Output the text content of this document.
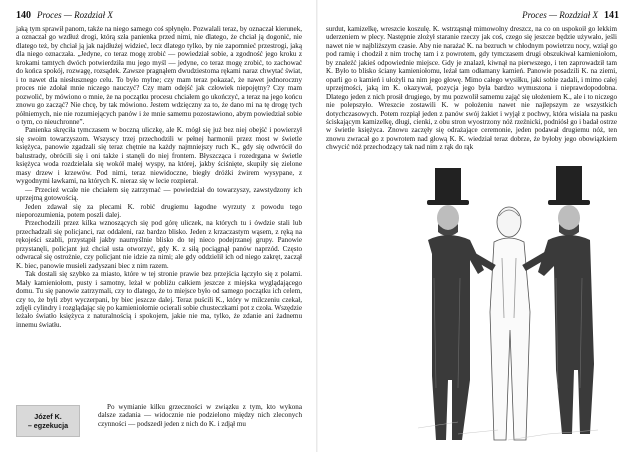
140 Proces — Rozdział X

jaką tym sprawił panom, także na niego samego coś spłynęło. Pozwalali teraz, by oznaczał kierunek, a oznaczał go wzdłuż drogi, którą szła panienka przed nimi, nie dlatego, że chciał ją dogonić, nie dlatego też, by chciał ją jak najdłużej widzieć, lecz dlatego tylko, by nie zapomnieć przestrogi, jaką dla niego oznaczała. „Jedyne, co teraz mogę zrobić — powiedział sobie, a zgodność jego kroku z krokami tamtych dwóch potwierdziła mu jego myśl — jedyne, co teraz mogę zrobić, to zachować do końca spokój, rozwagę, rozsądek. Zawsze pragnąłem dwudziestoma rękami naraz chwytać świat, i to nawet dla niesłusznego celu. To było mylne; czy mam teraz pokazać, że nawet jednoroczny proces nie zdołał mnie niczego nauczyć? Czy mam odejść jak człowiek niepojętny? Czy mam pozwolić, by mówiono o mnie, że na początku procesu chciałem go ukończyć, a teraz na jego końcu znowu go zacząć? Nie chcę, by tak mówiono. Jestem wdzięczny za to, że dano mi na tę drogę tych półniemych, nie nie rozumiejących panów i że mnie samemu pozostawiono, abym powiedział sobie o tym, co nieuchronne”.

Panienka skręciła tymczasem w boczną uliczkę, ale K. mógł się już bez niej obejść i powierzył się swoim towarzyszom. Wszyscy trzej przechodzili w pełnej harmonii przez most w świetle księżyca, panowie zgadzali się teraz chętnie na każdy najmniejszy ruch K., gdy się odwrócił do balustrady, obrócili się i oni także i stanęli do niej frontem. Błyszcząca i rozedrgana w świetle księżyca woda rozdzielała się wokół małej wyspy, na której, jakby ściśnięte, skupiły się zielone masy drzew i krzewów. Pod nimi, teraz niewidoczne, biegły dróżki żwirem wysypane, z wygodnymi ławkami, na których K. nieraz się w lecie rozpierał.

— Przecież wcale nie chciałem się zatrzymać — powiedział do towarzyszy, zawstydzony ich uprzejmą gotowością.

Jeden zdawał się za plecami K. robić drugiemu łagodne wyrzuty z powodu tego nieporozumienia, potem poszli dalej.

Przechodzili przez kilka wznoszących się pod górę uliczek, na których tu i ówdzie stali lub przechadzali się policjanci, raz oddaleni, raz bardzo blisko. Jeden z krzaczastym wąsem, z ręką na rękojeści szabli, przystąpił jakby naumyślnie blisko do tej nieco podejrzanej grupy. Panowie przystanęli, policjant już chciał usta otworzyć, gdy K. z siłą pociągnął panów naprzód. Często odwracał się ostrożnie, czy policjant nie idzie za nimi; ale gdy oddzielił ich od niego zakręt, zaczął K. biec, panowie musieli zadyszani biec z nim razem.

Tak dostali się szybko za miasto, które w tej stronie prawie bez przejścia łączyło się z polami. Mały kamieniołom, pusty i samotny, leżał w pobliżu całkiem jeszcze z miejska wyglądającego domu. Tu się panowie zatrzymali, czy to dlatego, że to miejsce było od samego początku ich celem, czy to, że byli zbyt wyczerpani, by biec jeszcze dalej. Teraz puścili K., który w milczeniu czekał, zdjęli cylindry i rozglądając się po kamieniołomie ocierali sobie chusteczkami pot z czoła. Wszędzie leżało światło księżyca z naturalnością i spokojem, jakie nie ma, tylko, że zdanie ani żadnemu innemu światłu.

Józef K.
– egzekucja

Po wymianie kilku grzeczności w związku z tym, kto wykona dalsze zadania — widocznie nie podzielono między nich zleconych czynności — podszedł jeden z nich do K. i zdjął mu

Proces — Rozdział X 141

surdut, kamizelkę, wreszcie koszulę. K. wstrząsnął mimowolny dreszcz, na co on uspokoił go lekkim uderzeniem w plecy. Następnie złożył staranie rzeczy jak coś, czego się jeszcze będzie używało, jeśli nawet nie w najbliższym czasie. Aby nie narażać K. na bezruch w chłodnym powietrzu nocy, wziął go pod ramię i chodził z nim trochę tam i z powrotem, gdy tymczasem drugi obszukiwał kamieniołom, by znaleźć jakieś odpowiednie miejsce. Gdy je znalazł, kiwnął na pierwszego, i ten zaprowadził tam K. Było to blisko ściany kamieniołomu, leżał tam odłamany kamień. Panowie posadzili K. na ziemi, oparli go o kamień i ułożyli na nim jego głowę. Mimo całego wysiłku, jaki sobie zadali, i mimo całej uprzejmości, jaką im K. okazywał, pozycja jego była bardzo wymuszona i nieprawdopodobna. Dlatego jeden z nich prosił drugiego, by mu pozwolił samemu zająć się ułożeniem K., ale i to niczego nie polepszyło. Wreszcie zostawili K. w położeniu nawet nie najlepszym ze wszystkich dotychczasowych. Potem rozpiął jeden z panów swój żakiet i wyjął z pochwy, która wisiała na pasku ściskającym kamizelkę, długi, cienki, z obu stron wyostrzony nóż rzeźnicki, podniósł go i badał ostrze w świetle księżyca. Znowu zaczęły się odrażające ceremonie, jeden podawał drugiemu nóż, ten znowu zwracał go z powrotem nad głową K. K. wiedział teraz dobrze, że byłoby jego obowiązkiem chwycić nóż przechodzący tak nad nim z rąk do rąk
